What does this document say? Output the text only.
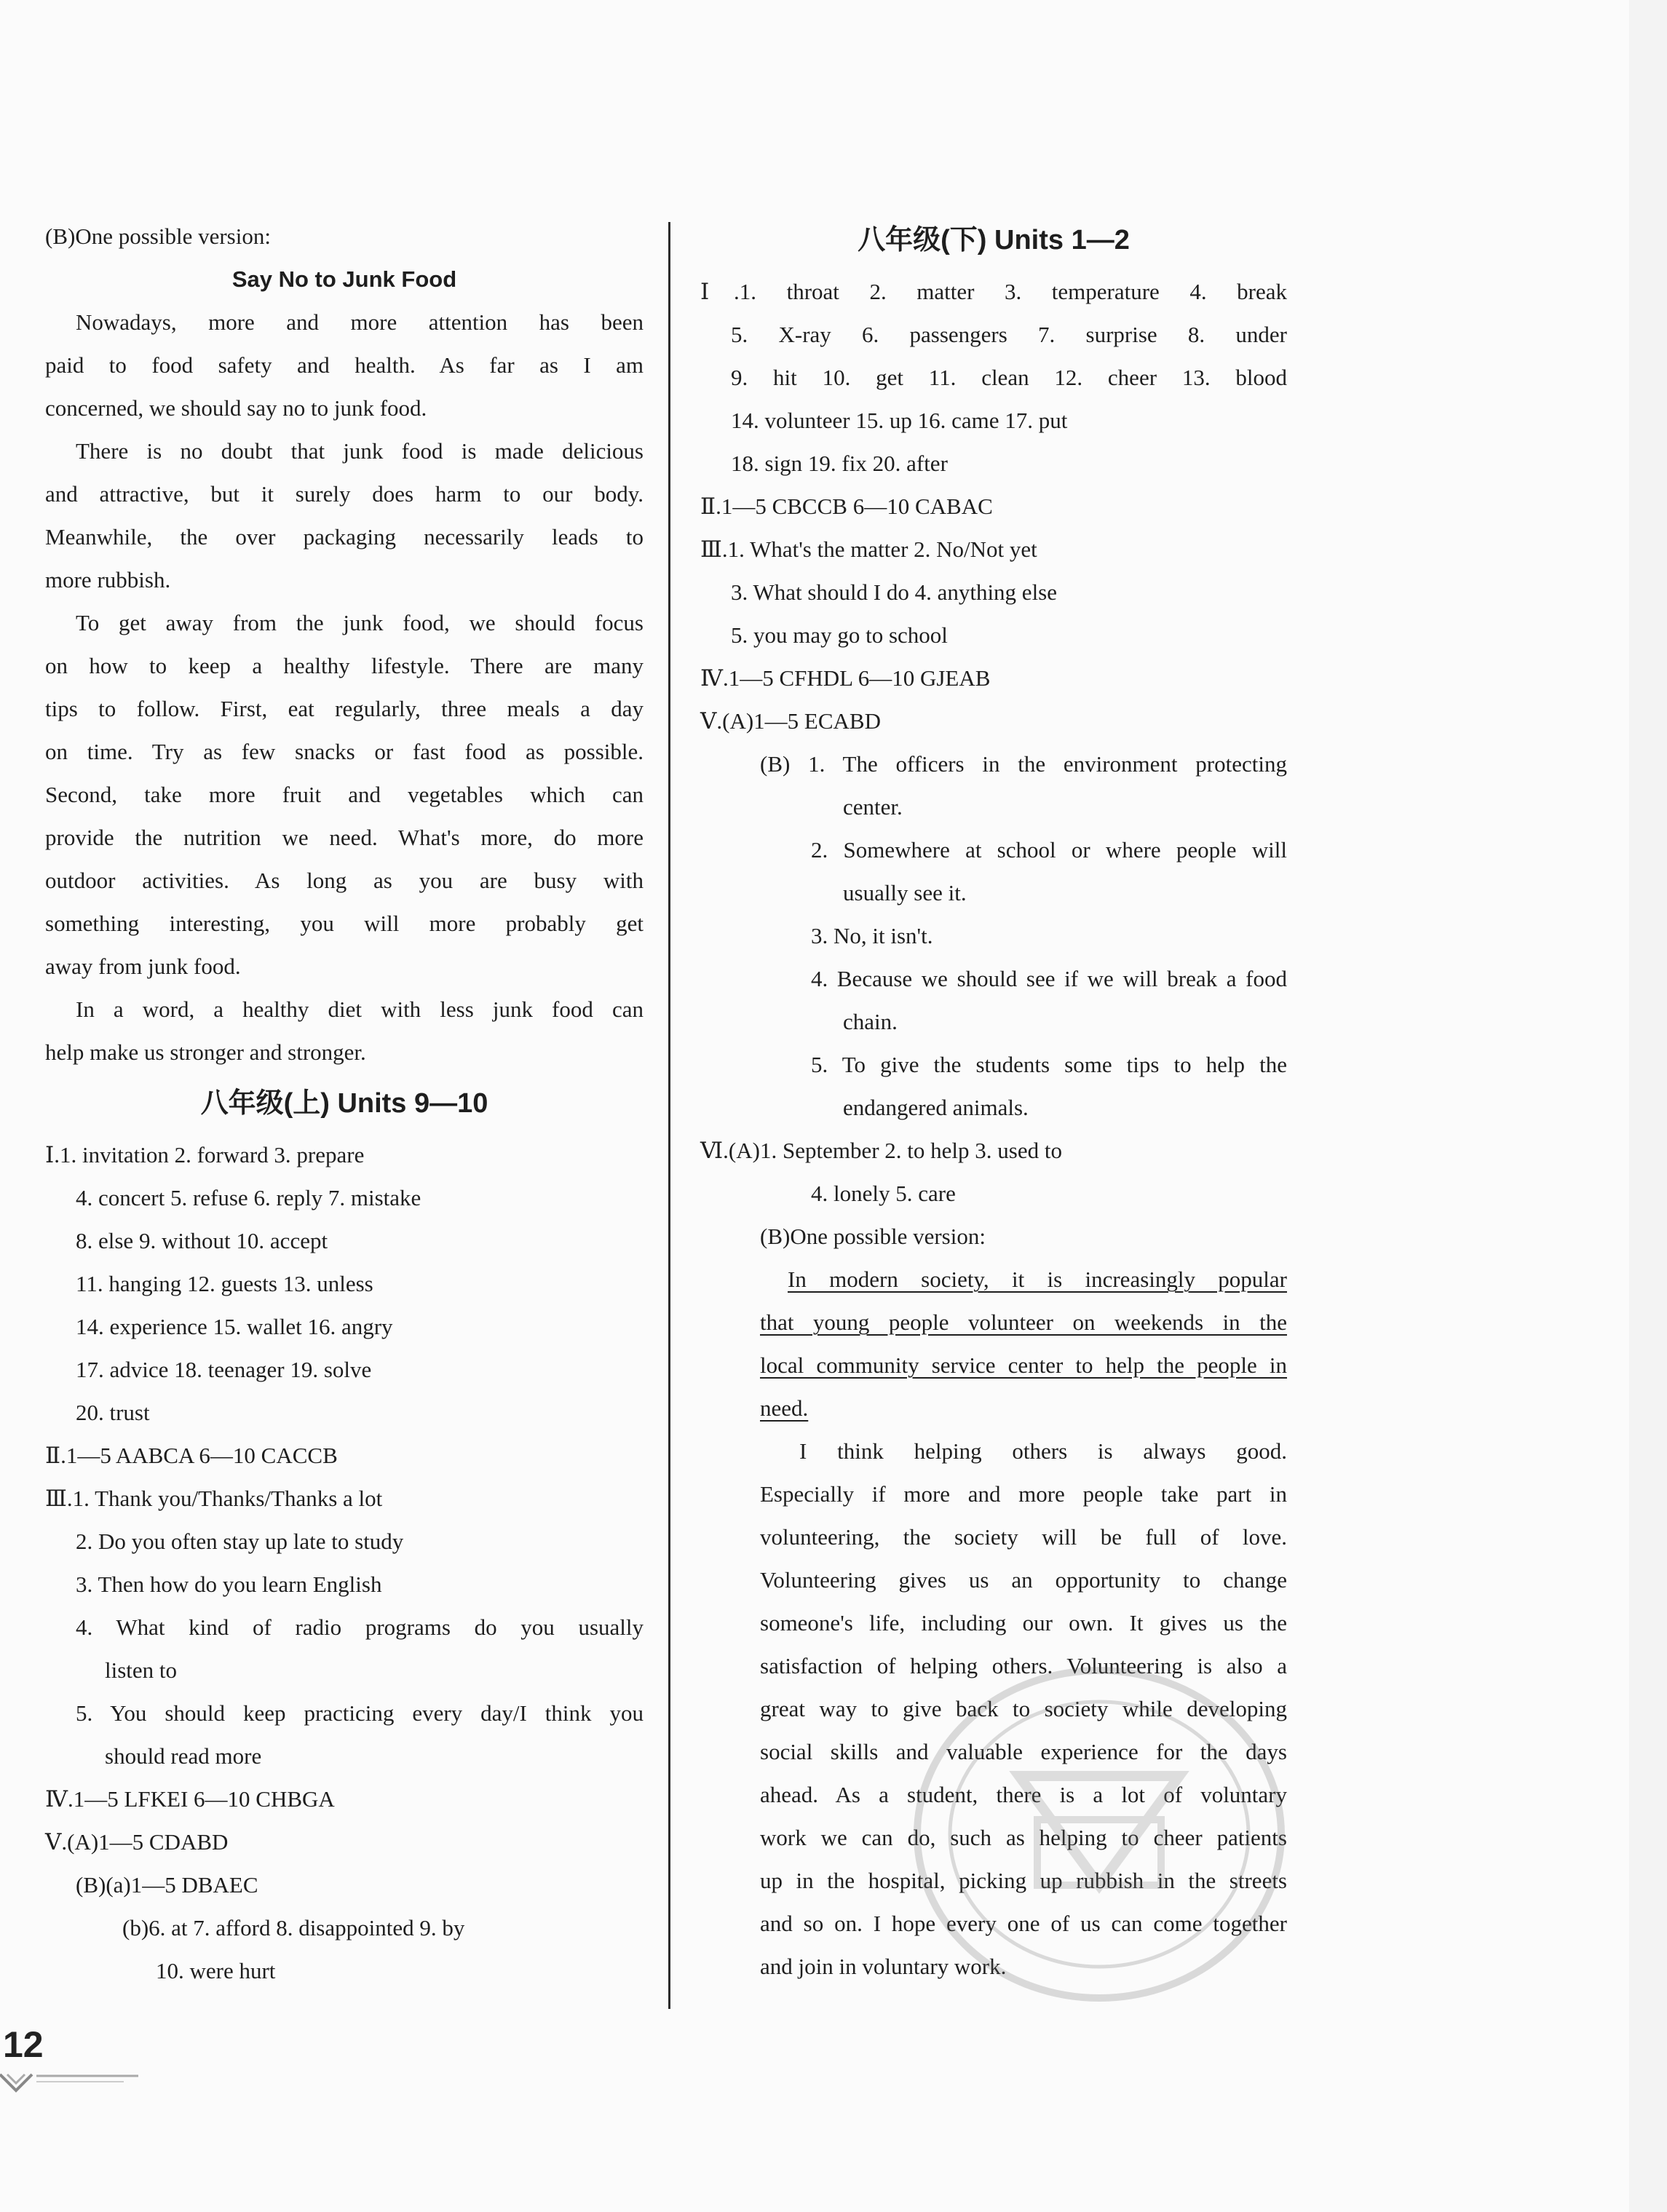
(B)One possible version:
Say No to Junk Food
Nowadays, more and more attention has been
paid to food safety and health. As far as I am
concerned, we should say no to junk food.
There is no doubt that junk food is made delicious
and attractive, but it surely does harm to our body.
Meanwhile, the over packaging necessarily leads to
more rubbish.
To get away from the junk food, we should focus
on how to keep a healthy lifestyle. There are many
tips to follow. First, eat regularly, three meals a day
on time. Try as few snacks or fast food as possible.
Second, take more fruit and vegetables which can
provide the nutrition we need. What's more, do more
outdoor activities. As long as you are busy with
something interesting, you will more probably get
away from junk food.
In a word, a healthy diet with less junk food can
help make us stronger and stronger.
八年级(上) Units 9—10
Ⅰ.1. invitation 2. forward 3. prepare
4. concert 5. refuse 6. reply 7. mistake
8. else 9. without 10. accept
11. hanging 12. guests 13. unless
14. experience 15. wallet 16. angry
17. advice 18. teenager 19. solve
20. trust
Ⅱ.1—5 AABCA 6—10 CACCB
Ⅲ.1. Thank you/Thanks/Thanks a lot
2. Do you often stay up late to study
3. Then how do you learn English
4. What kind of radio programs do you usually
listen to
5. You should keep practicing every day/I think you
should read more
Ⅳ.1—5 LFKEI 6—10 CHBGA
Ⅴ.(A)1—5 CDABD
(B)(a)1—5 DBAEC
(b)6. at 7. afford 8. disappointed 9. by
10. were hurt
八年级(下) Units 1—2
Ⅰ.1. throat 2. matter 3. temperature 4. break
5. X-ray 6. passengers 7. surprise 8. under
9. hit 10. get 11. clean 12. cheer 13. blood
14. volunteer 15. up 16. came 17. put
18. sign 19. fix 20. after
Ⅱ.1—5 CBCCB 6—10 CABAC
Ⅲ.1. What's the matter 2. No/Not yet
3. What should I do 4. anything else
5. you may go to school
Ⅳ.1—5 CFHDL 6—10 GJEAB
Ⅴ.(A)1—5 ECABD
(B) 1. The officers in the environment protecting
center.
2. Somewhere at school or where people will
usually see it.
3. No, it isn't.
4. Because we should see if we will break a food
chain.
5. To give the students some tips to help the
endangered animals.
Ⅵ.(A)1. September 2. to help 3. used to
4. lonely 5. care
(B)One possible version:
In modern society, it is increasingly popular
that young people volunteer on weekends in the
local community service center to help the people in
need.
I think helping others is always good.
Especially if more and more people take part in
volunteering, the society will be full of love.
Volunteering gives us an opportunity to change
someone's life, including our own. It gives us the
satisfaction of helping others. Volunteering is also a
great way to give back to society while developing
social skills and valuable experience for the days
ahead. As a student, there is a lot of voluntary
work we can do, such as helping to cheer patients
up in the hospital, picking up rubbish in the streets
and so on. I hope every one of us can come together
and join in voluntary work.
12
